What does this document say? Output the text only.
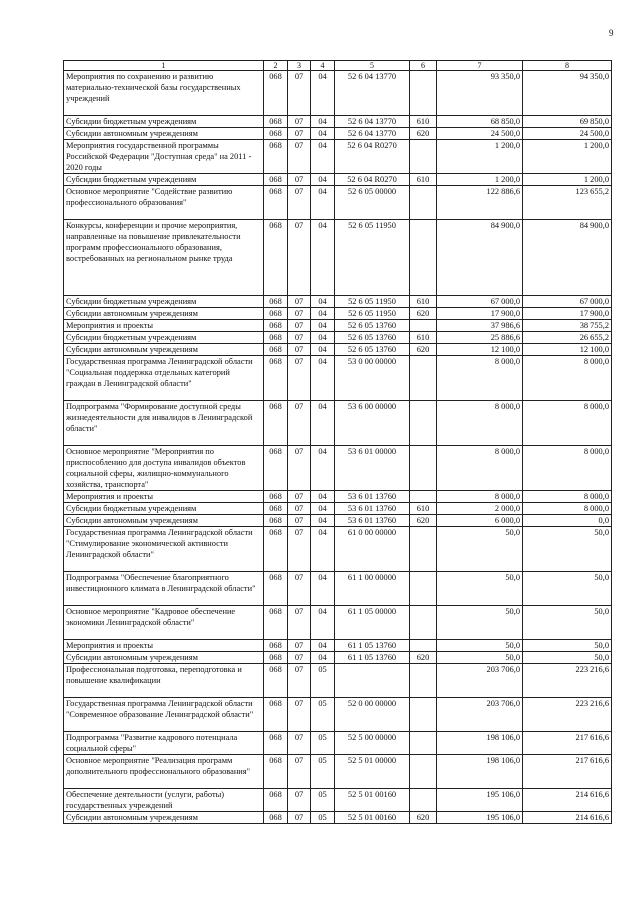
9
1	2	3	4	5	6	7	8
Мероприятия по сохранению и развитию материально-технической базы государственных учреждений	068	07	04	52 6 04 13770		93 350,0	94 350,0
Субсидии бюджетным учреждениям	068	07	04	52 6 04 13770	610	68 850,0	69 850,0
Субсидии автономным учреждениям	068	07	04	52 6 04 13770	620	24 500,0	24 500,0
Мероприятия государственной программы Российской Федерации "Доступная среда" на 2011 - 2020 годы	068	07	04	52 6 04 R0270		1 200,0	1 200,0
Субсидии бюджетным учреждениям	068	07	04	52 6 04 R0270	610	1 200,0	1 200,0
Основное мероприятие "Содействие развитию профессионального образования"	068	07	04	52 6 05 00000		122 886,6	123 655,2
Конкурсы, конференции и прочие мероприятия, направленные на повышение привлекательности программ профессионального образования, востребованных на региональном рынке труда	068	07	04	52 6 05 11950		84 900,0	84 900,0
Субсидии бюджетным учреждениям	068	07	04	52 6 05 11950	610	67 000,0	67 000,0
Субсидии автономным учреждениям	068	07	04	52 6 05 11950	620	17 900,0	17 900,0
Мероприятия и проекты	068	07	04	52 6 05 13760		37 986,6	38 755,2
Субсидии бюджетным учреждениям	068	07	04	52 6 05 13760	610	25 886,6	26 655,2
Субсидии автономным учреждениям	068	07	04	52 6 05 13760	620	12 100,0	12 100,0
Государственная программа Ленинградской области "Социальная поддержка отдельных категорий граждан в Ленинградской области"	068	07	04	53 0 00 00000		8 000,0	8 000,0
Подпрограмма "Формирование доступной среды жизнедеятельности для инвалидов в Ленинградской области"	068	07	04	53 6 00 00000		8 000,0	8 000,0
Основное мероприятие "Мероприятия по приспособлению для доступа инвалидов объектов социальной сферы, жилищно-коммунального хозяйства, транспорта"	068	07	04	53 6 01 00000		8 000,0	8 000,0
Мероприятия и проекты	068	07	04	53 6 01 13760		8 000,0	8 000,0
Субсидии бюджетным учреждениям	068	07	04	53 6 01 13760	610	2 000,0	8 000,0
Субсидии автономным учреждениям	068	07	04	53 6 01 13760	620	6 000,0	0,0
Государственная программа Ленинградской области "Стимулирование экономической активности Ленинградской области"	068	07	04	61 0 00 00000		50,0	50,0
Подпрограмма "Обеспечение благоприятного инвестиционного климата в Ленинградской области"	068	07	04	61 1 00 00000		50,0	50,0
Основное мероприятие "Кадровое обеспечение экономики Ленинградской области"	068	07	04	61 1 05 00000		50,0	50,0
Мероприятия и проекты	068	07	04	61 1 05 13760		50,0	50,0
Субсидии автономным учреждениям	068	07	04	61 1 05 13760	620	50,0	50,0
Профессиональная подготовка, переподготовка и повышение квалификации	068	07	05			203 706,0	223 216,6
Государственная программа Ленинградской области "Современное образование Ленинградской области"	068	07	05	52 0 00 00000		203 706,0	223 216,6
Подпрограмма "Развитие кадрового потенциала социальной сферы"	068	07	05	52 5 00 00000		198 106,0	217 616,6
Основное мероприятие "Реализация программ дополнительного профессионального образования"	068	07	05	52 5 01 00000		198 106,0	217 616,6
Обеспечение деятельности (услуги, работы) государственных учреждений	068	07	05	52 5 01 00160		195 106,0	214 616,6
Субсидии автономным учреждениям	068	07	05	52 5 01 00160	620	195 106,0	214 616,6
